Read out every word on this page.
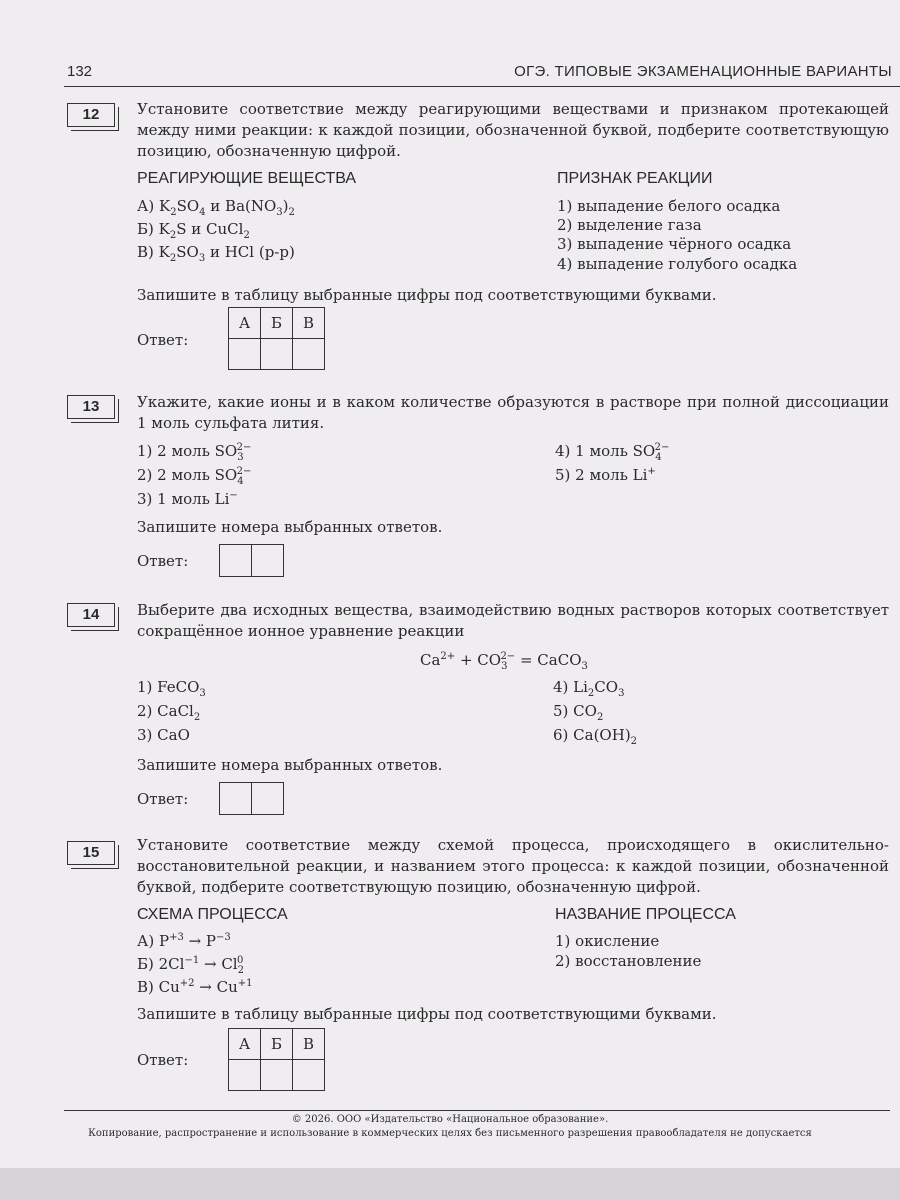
132	ОГЭ. ТИПОВЫЕ ЭКЗАМЕНАЦИОННЫЕ ВАРИАНТЫ
12	Установите соответствие между реагирующими веществами и признаком протекающей между ними реакции: к каждой позиции, обозначенной буквой, подберите соответствующую позицию, обозначенную цифрой.
РЕАГИРУЮЩИЕ ВЕЩЕСТВА	ПРИЗНАК РЕАКЦИИ
А) $K_2SO_4$ и $Ba(NO_3)_2$
Б) $K_2S$ и CuCl$_2$
В) $K_2SO_3$ и HCl (р-р)
1) выпадение белого осадка
2) выделение газа
3) выпадение чёрного осадка
4) выпадение голубого осадка
Запишите в таблицу выбранные цифры под соответствующими буквами.
Ответ:
А	Б	В

13	Укажите, какие ионы и в каком количестве образуются в растворе при полной диссоциации 1 моль сульфата лития.
1) 2 моль $SO_3^{2-}$
2) 2 моль $SO_4^{2-}$
3) 1 моль Li−
4) 1 моль $SO_4^{2-}$
5) 2 моль Li+
Запишите номера выбранных ответов.
Ответ:

14	Выберите два исходных вещества, взаимодействию водных растворов которых соответствует сокращённое ионное уравнение реакции
$Ca^{2+} + CO_3^{2-}$ = CaCO$_3$
1) FeCO$_3$
2) CaCl$_2$
3) CaO
4) $Li_2CO_3$
5) $CO_2$
6) $Ca(OH)_2$
Запишите номера выбранных ответов.
Ответ:

15	Установите соответствие между схемой процесса, происходящего в окислительно-восстановительной реакции, и названием этого процесса: к каждой позиции, обозначенной буквой, подберите соответствующую позицию, обозначенную цифрой.
СХЕМА ПРОЦЕССА	НАЗВАНИЕ ПРОЦЕССА
А) $P^{+3} \to P^{-3}$
Б) $2Cl^{-1} \to Cl_2^0$
В) $Cu^{+2} \to Cu^{+1}$
1) окисление
2) восстановление
Запишите в таблицу выбранные цифры под соответствующими буквами.
Ответ:
А	Б	В

© 2026. ООО «Издательство «Национальное образование».
Копирование, распространение и использование в коммерческих целях без письменного разрешения правообладателя не допускается
